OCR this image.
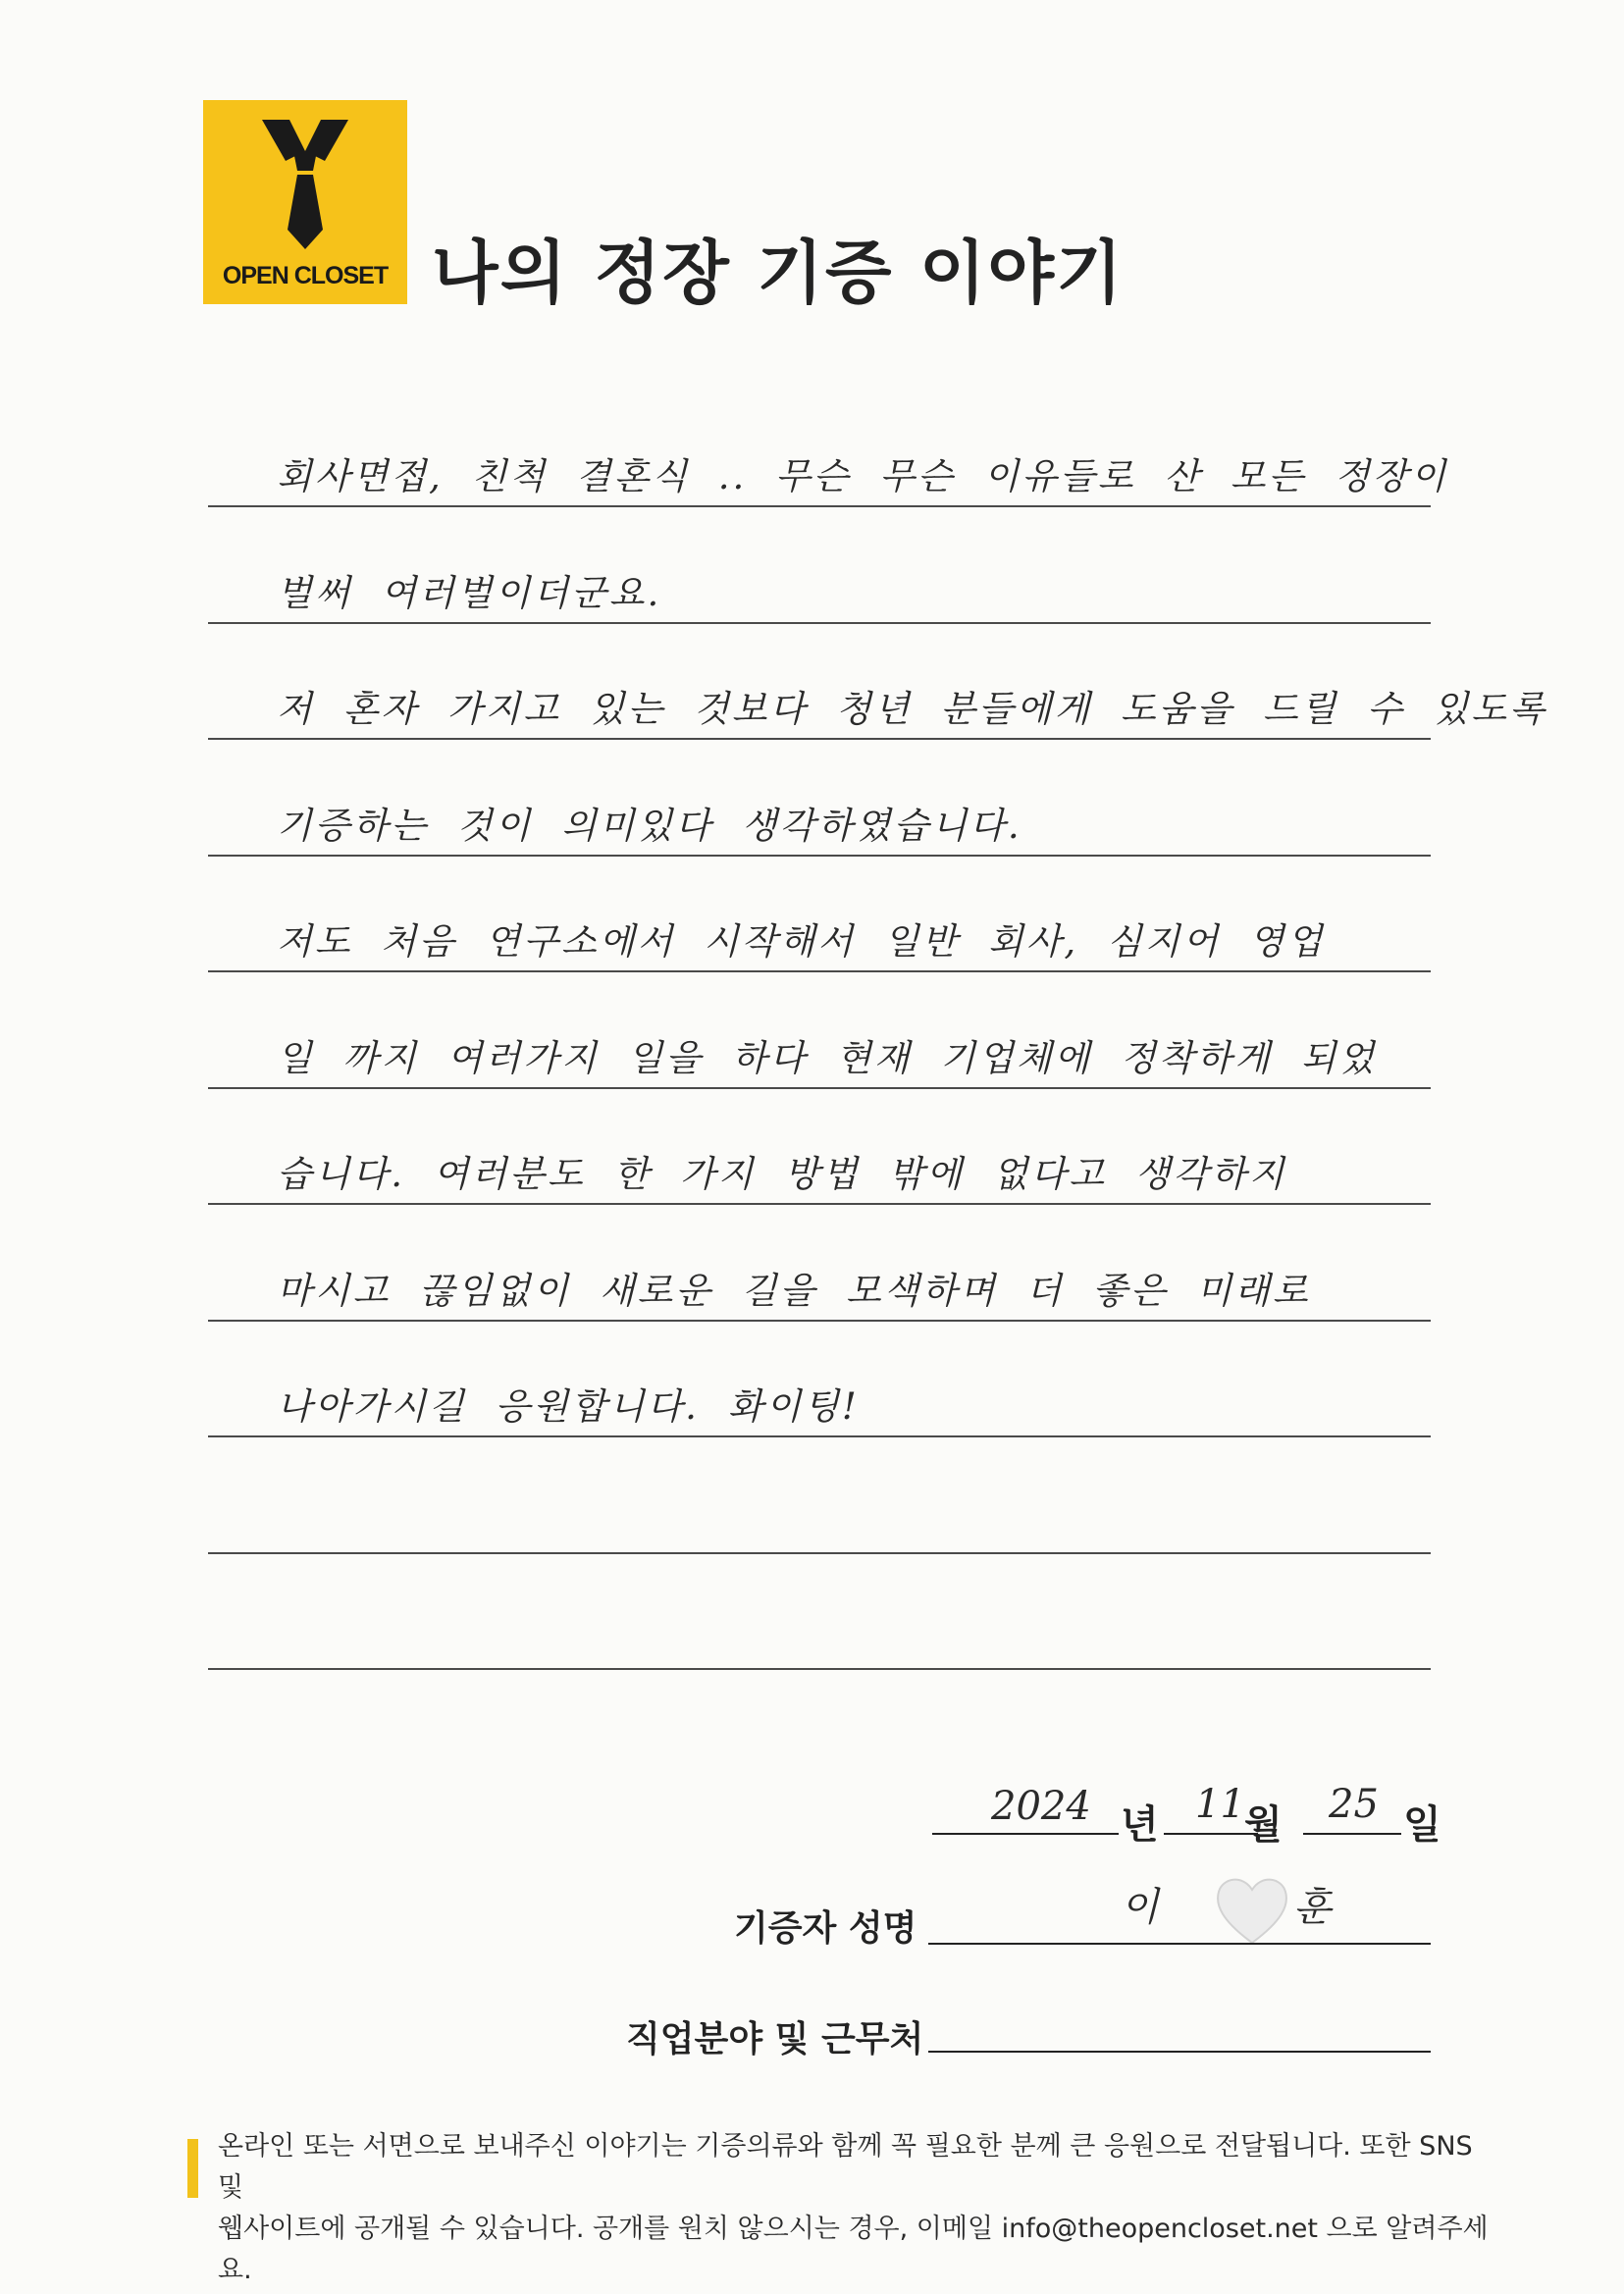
OPEN CLOSET 나의 정장 기증 이야기
회사면접, 친척 결혼식 .. 무슨 무슨 이유들로 산 모든 정장이
벌써 여러벌이더군요.
저 혼자 가지고 있는 것보다 청년 분들에게 도움을 드릴 수 있도록
기증하는 것이 의미있다 생각하였습니다.
저도 처음 연구소에서 시작해서 일반 회사, 심지어 영업
일 까지 여러가지 일을 하다 현재 기업체에 정착하게 되었
습니다. 여러분도 한 가지 방법 밖에 없다고 생각하지
마시고 끊임없이 새로운 길을 모색하며 더 좋은 미래로
나아가시길 응원합니다. 화이팅!
2024 년 11 월 25 일
기증자 성명	이	훈
직업분야 및 근무처
온라인 또는 서면으로 보내주신 이야기는 기증의류와 함께 꼭 필요한 분께 큰 응원으로 전달됩니다. 또한 SNS 및
웹사이트에 공개될 수 있습니다. 공개를 원치 않으시는 경우, 이메일 info@theopencloset.net 으로 알려주세요.
